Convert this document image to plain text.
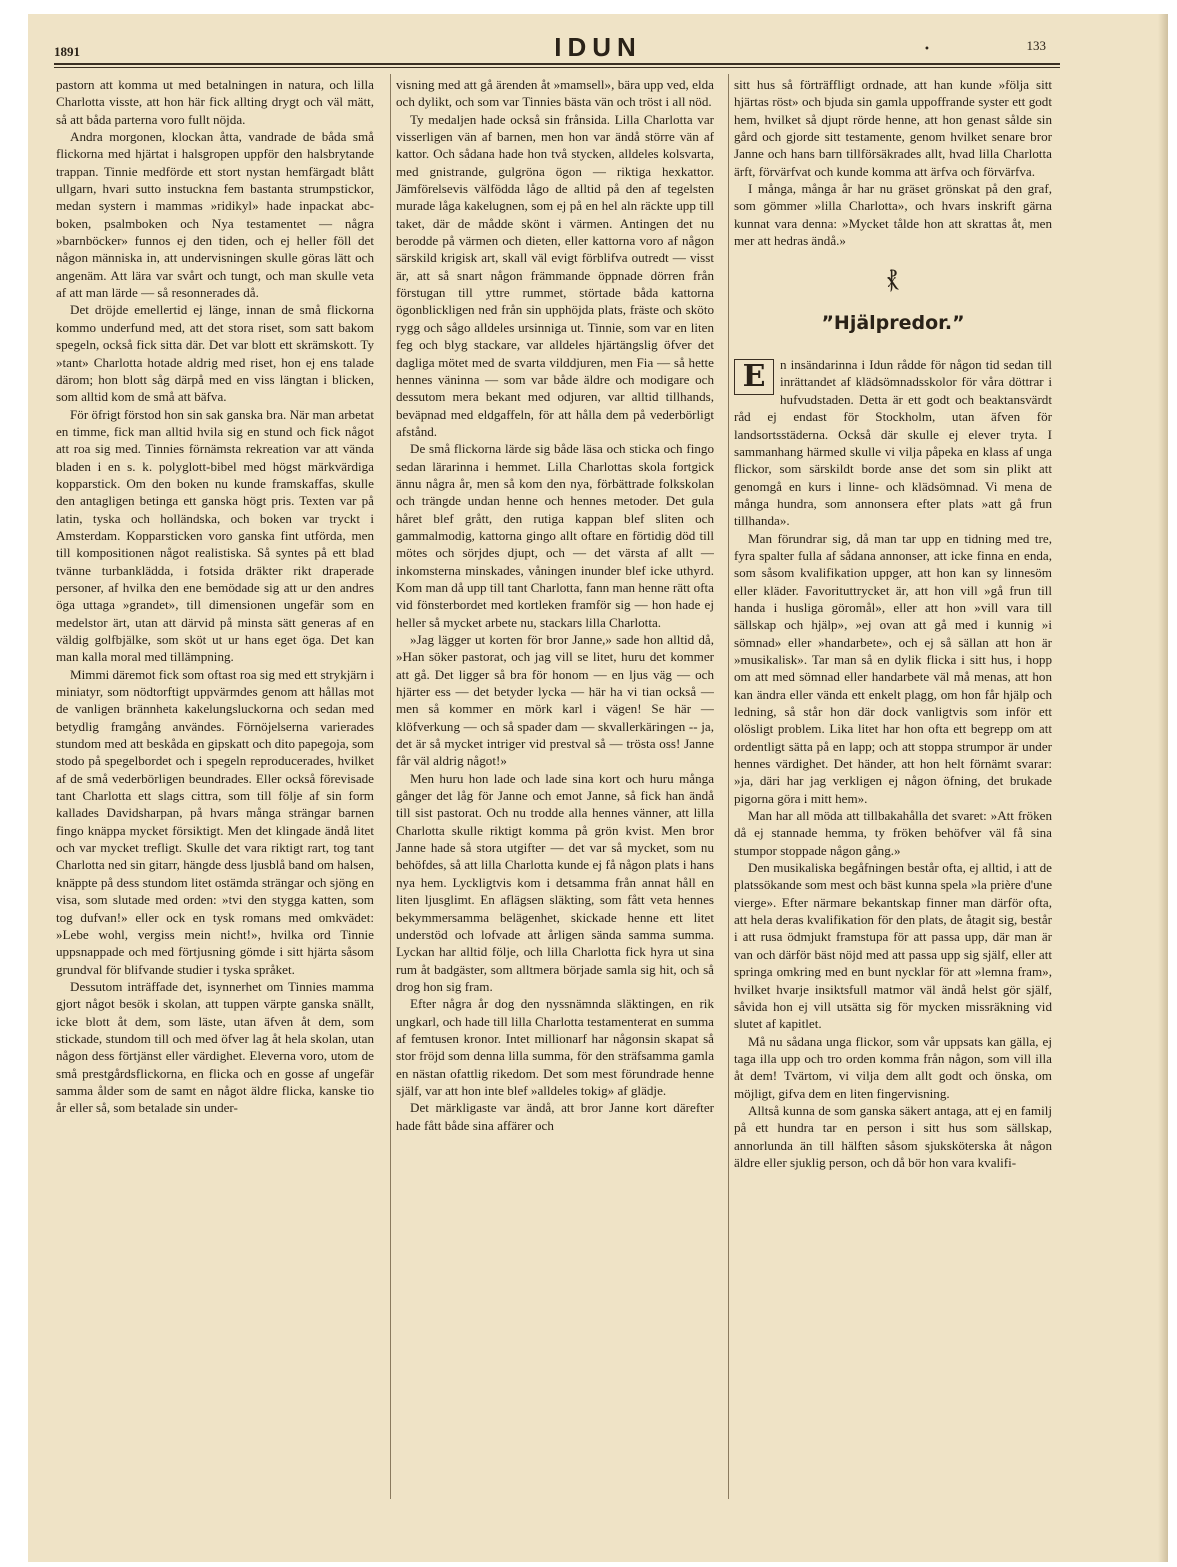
1891	IDUN	•	133

pastorn att komma ut med betalningen in natura, och lilla Charlotta visste, att hon här fick allting drygt och väl mätt, så att båda parterna voro fullt nöjda.

Andra morgonen, klockan åtta, vandrade de båda små flickorna med hjärtat i halsgropen uppför den halsbrytande trappan. Tinnie medförde ett stort nystan hemfärgadt blått ullgarn, hvari sutto instuckna fem bastanta strumpstickor, medan systern i mammas »ridikyl» hade inpackat abc-boken, psalmboken och Nya testamentet — några »barnböcker» funnos ej den tiden, och ej heller föll det någon människa in, att undervisningen skulle göras lätt och angenäm. Att lära var svårt och tungt, och man skulle veta af att man lärde — så resonnerades då.

Det dröjde emellertid ej länge, innan de små flickorna kommo underfund med, att det stora riset, som satt bakom spegeln, också fick sitta där. Det var blott ett skrämskott. Ty »tant» Charlotta hotade aldrig med riset, hon ej ens talade därom; hon blott såg därpå med en viss längtan i blicken, som alltid kom de små att bäfva.

För öfrigt förstod hon sin sak ganska bra. När man arbetat en timme, fick man alltid hvila sig en stund och fick något att roa sig med. Tinnies förnämsta rekreation var att vända bladen i en s. k. polyglott-bibel med högst märkvärdiga kopparstick. Om den boken nu kunde framskaffas, skulle den antagligen betinga ett ganska högt pris. Texten var på latin, tyska och holländska, och boken var tryckt i Amsterdam. Kopparsticken voro ganska fint utförda, men till kompositionen något realistiska. Så syntes på ett blad tvänne turbanklädda, i fotsida dräkter rikt draperade personer, af hvilka den ene bemödade sig att ur den andres öga uttaga »grandet», till dimensionen ungefär som en medelstor ärt, utan att därvid på minsta sätt generas af en väldig golfbjälke, som sköt ut ur hans eget öga. Det kan man kalla moral med tillämpning.

Mimmi däremot fick som oftast roa sig med ett strykjärn i miniatyr, som nödtorftigt uppvärmdes genom att hållas mot de vanligen brännheta kakelungsluckorna och sedan med betydlig framgång användes. Förnöjelserna varierades stundom med att beskåda en gipskatt och dito papegoja, som stodo på spegelbordet och i spegeln reproducerades, hvilket af de små vederbörligen beundrades. Eller också förevisade tant Charlotta ett slags cittra, som till följe af sin form kallades Davidsharpan, på hvars många strängar barnen fingo knäppa mycket försiktigt. Men det klingade ändå litet och var mycket trefligt. Skulle det vara riktigt rart, tog tant Charlotta ned sin gitarr, hängde dess ljusblå band om halsen, knäppte på dess stundom litet ostämda strängar och sjöng en visa, som slutade med orden: »tvi den stygga katten, som tog dufvan!» eller ock en tysk romans med omkvädet: »Lebe wohl, vergiss mein nicht!», hvilka ord Tinnie uppsnappade och med förtjusning gömde i sitt hjärta såsom grundval för blifvande studier i tyska språket.

Dessutom inträffade det, isynnerhet om Tinnies mamma gjort något besök i skolan, att tuppen värpte ganska snällt, icke blott åt dem, som läste, utan äfven åt dem, som stickade, stundom till och med öfver lag åt hela skolan, utan någon dess förtjänst eller värdighet. Eleverna voro, utom de små prestgårdsflickorna, en flicka och en gosse af ungefär samma ålder som de samt en något äldre flicka, kanske tio år eller så, som betalade sin under-

visning med att gå ärenden åt »mamsell», bära upp ved, elda och dylikt, och som var Tinnies bästa vän och tröst i all nöd.

Ty medaljen hade också sin frånsida. Lilla Charlotta var visserligen vän af barnen, men hon var ändå större vän af kattor. Och sådana hade hon två stycken, alldeles kolsvarta, med gnistrande, gulgröna ögon — riktiga hexkattor. Jämförelsevis välfödda lågo de alltid på den af tegelsten murade låga kakelugnen, som ej på en hel aln räckte upp till taket, där de mådde skönt i värmen. Antingen det nu berodde på värmen och dieten, eller kattorna voro af någon särskild krigisk art, skall väl evigt förblifva outredt — visst är, att så snart någon främmande öppnade dörren från förstugan till yttre rummet, störtade båda kattorna ögonblickligen ned från sin upphöjda plats, fräste och sköto rygg och sågo alldeles ursinniga ut. Tinnie, som var en liten feg och blyg stackare, var alldeles hjärtängslig öfver det dagliga mötet med de svarta vilddjuren, men Fia — så hette hennes väninna — som var både äldre och modigare och dessutom mera bekant med odjuren, var alltid tillhands, beväpnad med eldgaffeln, för att hålla dem på vederbörligt afstånd.

De små flickorna lärde sig både läsa och sticka och fingo sedan lärarinna i hemmet. Lilla Charlottas skola fortgick ännu några år, men så kom den nya, förbättrade folkskolan och trängde undan henne och hennes metoder. Det gula håret blef grått, den rutiga kappan blef sliten och gammalmodig, kattorna gingo allt oftare en förtidig död till mötes och sörjdes djupt, och — det värsta af allt — inkomsterna minskades, våningen inunder blef icke uthyrd. Kom man då upp till tant Charlotta, fann man henne rätt ofta vid fönsterbordet med kortleken framför sig — hon hade ej heller så mycket arbete nu, stackars lilla Charlotta.

»Jag lägger ut korten för bror Janne,» sade hon alltid då, »Han söker pastorat, och jag vill se litet, huru det kommer att gå. Det ligger så bra för honom — en ljus väg — och hjärter ess — det betyder lycka — här ha vi tian också — men så kommer en mörk karl i vägen! Se här — klöfverkung — och så spader dam — skvallerkäringen -- ja, det är så mycket intriger vid prestval så — trösta oss! Janne får väl aldrig något!»

Men huru hon lade och lade sina kort och huru många gånger det låg för Janne och emot Janne, så fick han ändå till sist pastorat. Och nu trodde alla hennes vänner, att lilla Charlotta skulle riktigt komma på grön kvist. Men bror Janne hade så stora utgifter — det var så mycket, som nu behöfdes, så att lilla Charlotta kunde ej få någon plats i hans nya hem. Lyckligtvis kom i detsamma från annat håll en liten ljusglimt. En aflägsen släkting, som fått veta hennes bekymmersamma belägenhet, skickade henne ett litet understöd och lofvade att årligen sända samma summa. Lyckan har alltid följe, och lilla Charlotta fick hyra ut sina rum åt badgäster, som alltmera började samla sig hit, och så drog hon sig fram.

Efter några år dog den nyssnämnda släktingen, en rik ungkarl, och hade till lilla Charlotta testamenterat en summa af femtusen kronor. Intet millionarf har någonsin skapat så stor fröjd som denna lilla summa, för den sträfsamma gamla en nästan ofattlig rikedom. Det som mest förundrade henne själf, var att hon inte blef »alldeles tokig» af glädje.

Det märkligaste var ändå, att bror Janne kort därefter hade fått både sina affärer och

sitt hus så förträffligt ordnade, att han kunde »följa sitt hjärtas röst» och bjuda sin gamla uppoffrande syster ett godt hem, hvilket så djupt rörde henne, att hon genast sålde sin gård och gjorde sitt testamente, genom hvilket senare bror Janne och hans barn tillförsäkrades allt, hvad lilla Charlotta ärft, förvärfvat och kunde komma att ärfva och förvärfva.

I många, många år har nu gräset grönskat på den graf, som gömmer »lilla Charlotta», och hvars inskrift gärna kunnat vara denna: »Mycket tålde hon att skrattas åt, men mer att hedras ändå.»

⳩
”Hjälpredor.”

E	n insändarinna i Idun rådde för någon tid sedan till inrättandet af klädsömnadsskolor för våra döttrar i hufvudstaden. Detta är ett godt och beaktansvärdt råd ej endast för Stockholm, utan äfven för landsortsstäderna. Också där skulle ej elever tryta. I sammanhang härmed skulle vi vilja påpeka en klass af unga flickor, som särskildt borde anse det som sin plikt att genomgå en kurs i linne- och klädsömnad. Vi mena de många hundra, som annonsera efter plats »att gå frun tillhanda».

Man förundrar sig, då man tar upp en tidning med tre, fyra spalter fulla af sådana annonser, att icke finna en enda, som såsom kvalifikation uppger, att hon kan sy linnesöm eller kläder. Favorituttrycket är, att hon vill »gå frun till handa i husliga göromål», eller att hon »vill vara till sällskap och hjälp», »ej ovan att gå med i kunnig »i sömnad» eller »handarbete», och ej så sällan att hon är »musikalisk». Tar man så en dylik flicka i sitt hus, i hopp om att med sömnad eller handarbete väl må menas, att hon kan ändra eller vända ett enkelt plagg, om hon får hjälp och ledning, så står hon där dock vanligtvis som inför ett olösligt problem. Lika litet har hon ofta ett begrepp om att ordentligt sätta på en lapp; och att stoppa strumpor är under hennes värdighet. Det händer, att hon helt förnämt svarar: »ja, däri har jag verkligen ej någon öfning, det brukade pigorna göra i mitt hem».

Man har all möda att tillbakahålla det svaret: »Att fröken då ej stannade hemma, ty fröken behöfver väl få sina stumpor stoppade någon gång.»

Den musikaliska begåfningen består ofta, ej alltid, i att de platssökande som mest och bäst kunna spela »la prière d'une vierge». Efter närmare bekantskap finner man därför ofta, att hela deras kvalifikation för den plats, de åtagit sig, består i att rusa ödmjukt framstupa för att passa upp, där man är van och därför bäst nöjd med att passa upp sig själf, eller att springa omkring med en bunt nycklar för att »lemna fram», hvilket hvarje insiktsfull matmor väl ändå helst gör själf, såvida hon ej vill utsätta sig för mycken missräkning vid slutet af kapitlet.

Må nu sådana unga flickor, som vår uppsats kan gälla, ej taga illa upp och tro orden komma från någon, som vill illa åt dem! Tvärtom, vi vilja dem allt godt och önska, om möjligt, gifva dem en liten fingervisning.

Alltså kunna de som ganska säkert antaga, att ej en familj på ett hundra tar en person i sitt hus som sällskap, annorlunda än till hälften såsom sjuksköterska åt någon äldre eller sjuklig person, och då bör hon vara kvalifi-
